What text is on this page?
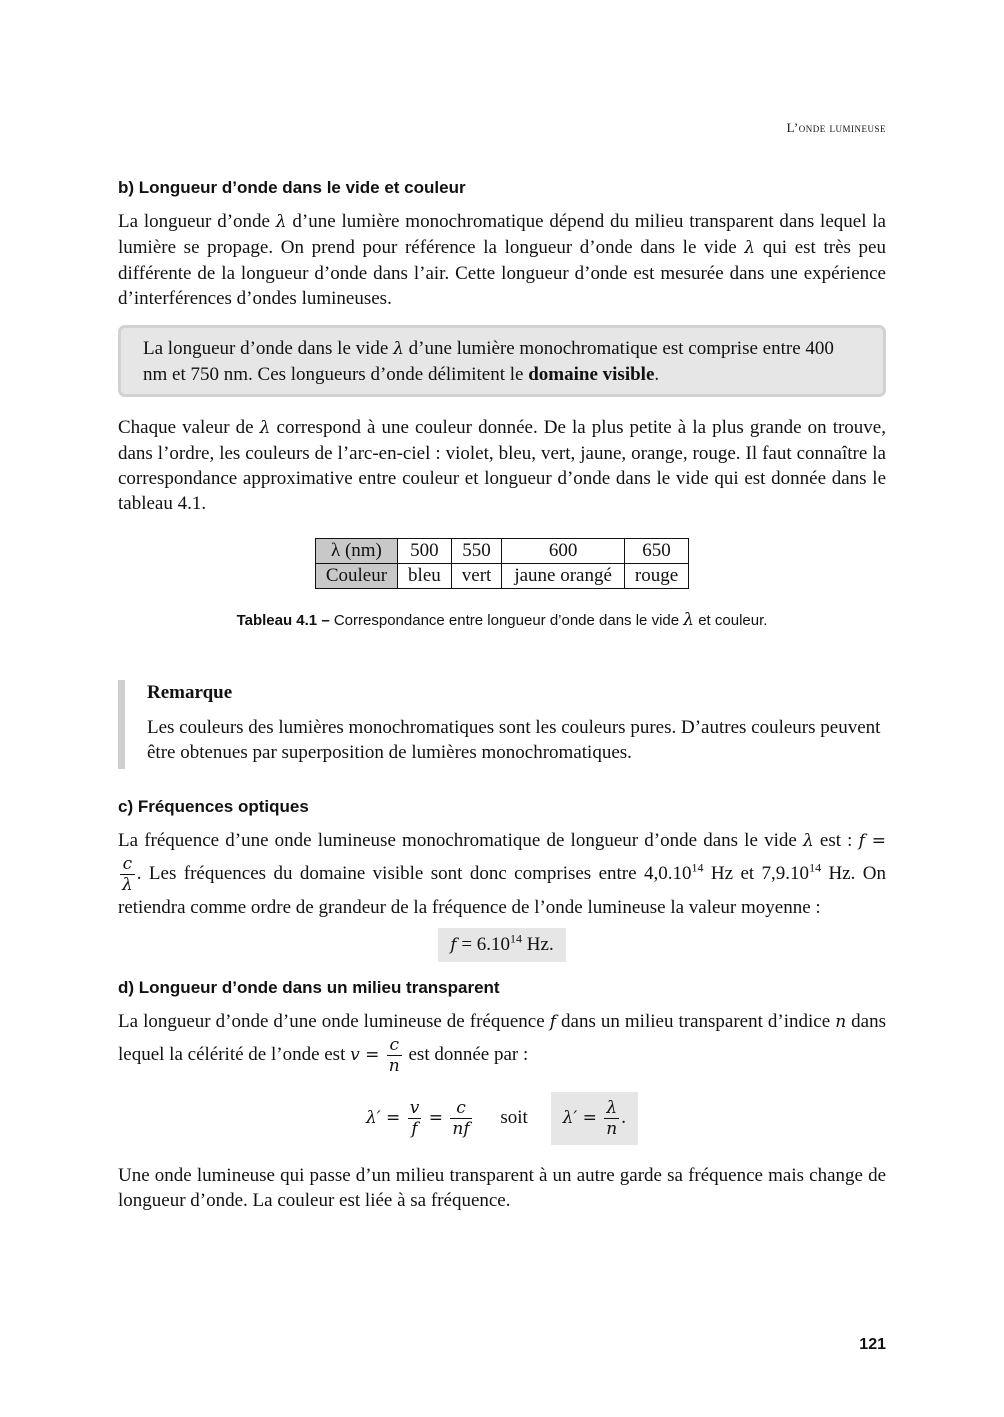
L’onde lumineuse
b) Longueur d’onde dans le vide et couleur

La longueur d’onde λ d’une lumière monochromatique dépend du milieu transparent dans lequel la lumière se propage. On prend pour référence la longueur d’onde dans le vide λ qui est très peu différente de la longueur d’onde dans l’air. Cette longueur d’onde est mesurée dans une expérience d’interférences d’ondes lumineuses.

La longueur d’onde dans le vide λ d’une lumière monochromatique est comprise entre 400 nm et 750 nm. Ces longueurs d’onde délimitent le domaine visible.

Chaque valeur de λ correspond à une couleur donnée. De la plus petite à la plus grande on trouve, dans l’ordre, les couleurs de l’arc-en-ciel : violet, bleu, vert, jaune, orange, rouge. Il faut connaître la correspondance approximative entre couleur et longueur d’onde dans le vide qui est donnée dans le tableau 4.1.

λ (nm)	500	550	600	650
Couleur	bleu	vert	jaune orangé	rouge
Tableau 4.1 – Correspondance entre longueur d’onde dans le vide λ et couleur.
Remarque

Les couleurs des lumières monochromatiques sont les couleurs pures. D’autres couleurs peuvent être obtenues par superposition de lumières monochromatiques.

c) Fréquences optiques

La fréquence d’une onde lumineuse monochromatique de longueur d’onde dans le vide λ est : f =
$\frac{c}{\lambda}$ . Les fréquences du domaine visible sont donc comprises entre 4,0.10$^{14}$ Hz et 7,9.10$^{14}$ Hz. On retiendra comme ordre de grandeur de la fréquence de l’onde lumineuse la valeur moyenne :

$f = 6.10^{14}$ Hz.
d) Longueur d’onde dans un milieu transparent

La longueur d’onde d’une onde lumineuse de fréquence f dans un milieu transparent d’indice n dans lequel la célérité de l’onde est $v = \frac{c}{n}$ est donnée par :

$\lambda' = \frac{v}{f} = \frac{c}{nf}$ soit $\lambda' = \frac{\lambda}{n}$ .

Une onde lumineuse qui passe d’un milieu transparent à un autre garde sa fréquence mais change de longueur d’onde. La couleur est liée à sa fréquence.

121
